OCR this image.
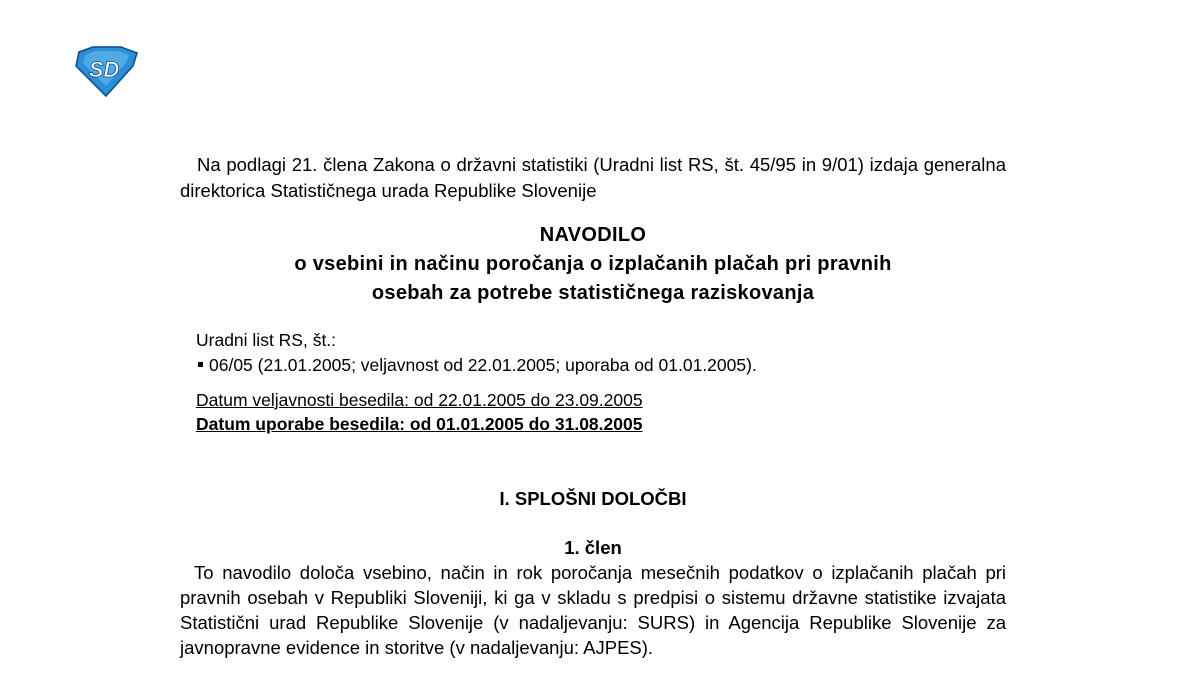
SD

Na podlagi 21. člena Zakona o državni statistiki (Uradni list RS, št. 45/95 in 9/01) izdaja generalna direktorica Statističnega urada Republike Slovenije

NAVODILO
o vsebini in načinu poročanja o izplačanih plačah pri pravnih
osebah za potrebe statističnega raziskovanja
Uradni list RS, št.:
06/05 (21.01.2005; veljavnost od 22.01.2005; uporaba od 01.01.2005).
Datum veljavnosti besedila: od 22.01.2005 do 23.09.2005
Datum uporabe besedila: od 01.01.2005 do 31.08.2005
I. SPLOŠNI DOLOČBI
1. člen

To navodilo določa vsebino, način in rok poročanja mesečnih podatkov o izplačanih plačah pri pravnih osebah v Republiki Sloveniji, ki ga v skladu s predpisi o sistemu državne statistike izvajata Statistični urad Republike Slovenije (v nadaljevanju: SURS) in Agencija Republike Slovenije za javnopravne evidence in storitve (v nadaljevanju: AJPES).
